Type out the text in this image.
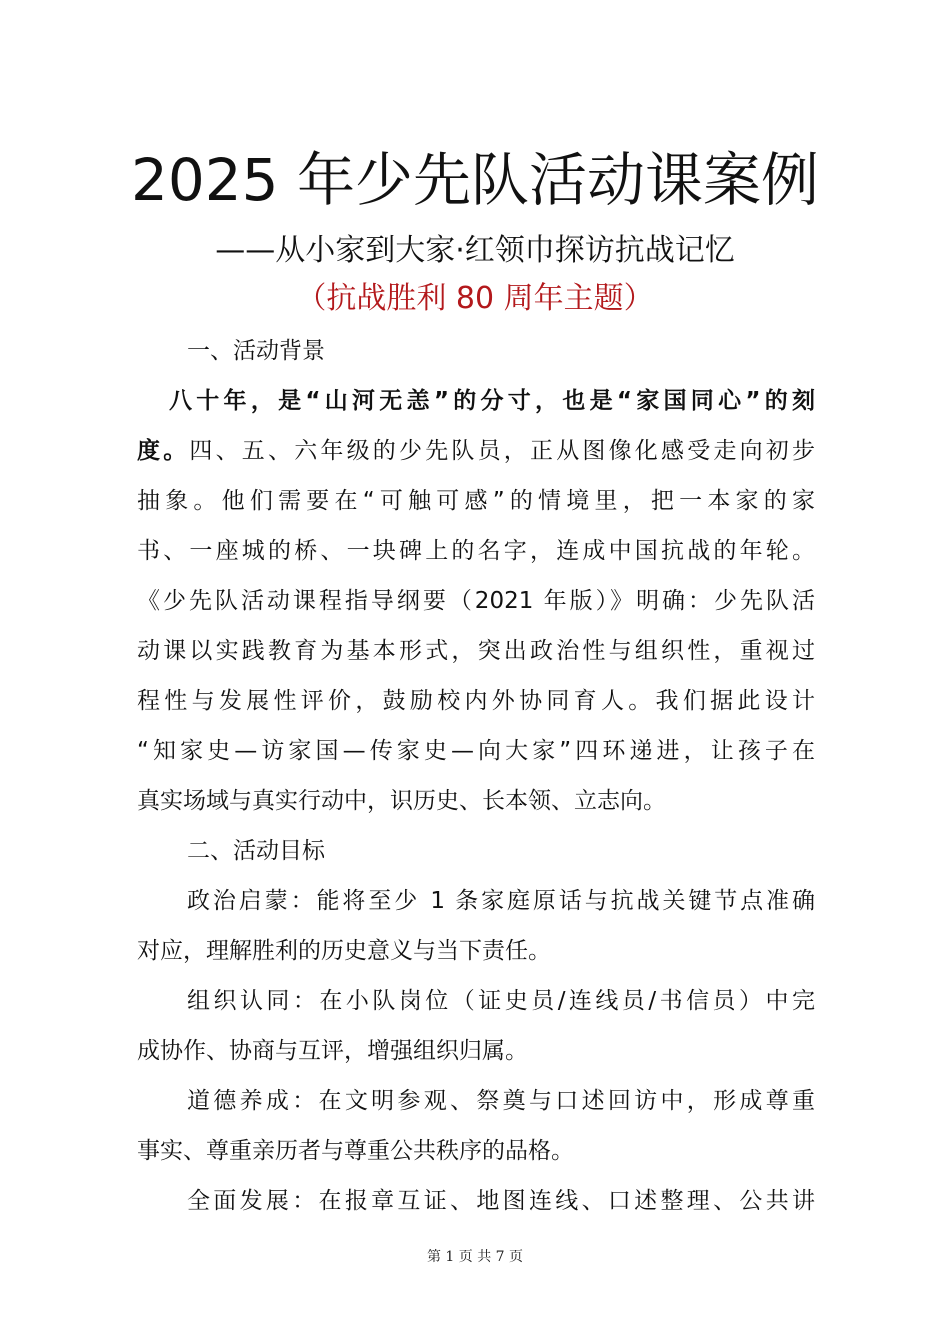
2025 年少先队活动课案例
——从小家到大家·红领巾探访抗战记忆
（抗战胜利 80 周年主题）
一、活动背景
八十年，是“山河无恙”的分寸，也是“家国同心”的刻
度。四、五、六年级的少先队员，正从图像化感受走向初步
抽象。他们需要在“可触可感”的情境里，把一本家的家
书、一座城的桥、一块碑上的名字，连成中国抗战的年轮。
《少先队活动课程指导纲要（2021 年版）》明确：少先队活
动课以实践教育为基本形式，突出政治性与组织性，重视过
程性与发展性评价，鼓励校内外协同育人。我们据此设计
“知家史—访家国—传家史—向大家”四环递进，让孩子在
真实场域与真实行动中，识历史、长本领、立志向。
二、活动目标
政治启蒙：能将至少 1 条家庭原话与抗战关键节点准确
对应，理解胜利的历史意义与当下责任。
组织认同：在小队岗位（证史员/连线员/书信员）中完
成协作、协商与互评，增强组织归属。
道德养成：在文明参观、祭奠与口述回访中，形成尊重
事实、尊重亲历者与尊重公共秩序的品格。
全面发展：在报章互证、地图连线、口述整理、公共讲
第 1 页 共 7 页
